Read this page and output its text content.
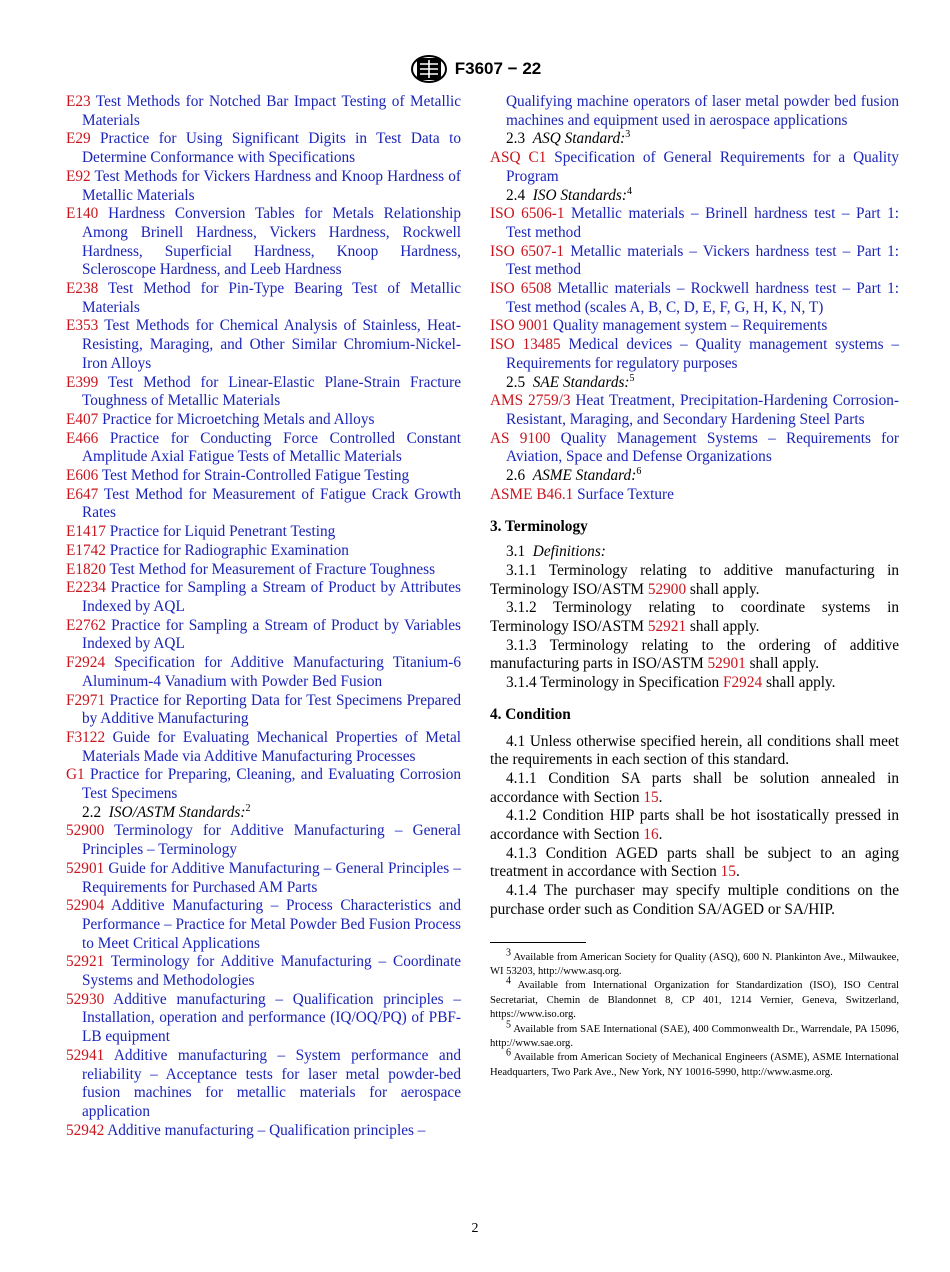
F3607 − 22
E23 Test Methods for Notched Bar Impact Testing of Metallic Materials
E29 Practice for Using Significant Digits in Test Data to Determine Conformance with Specifications
E92 Test Methods for Vickers Hardness and Knoop Hardness of Metallic Materials
E140 Hardness Conversion Tables for Metals Relationship Among Brinell Hardness, Vickers Hardness, Rockwell Hardness, Superficial Hardness, Knoop Hardness, Scleroscope Hardness, and Leeb Hardness
E238 Test Method for Pin-Type Bearing Test of Metallic Materials
E353 Test Methods for Chemical Analysis of Stainless, Heat-Resisting, Maraging, and Other Similar Chromium-Nickel-Iron Alloys
E399 Test Method for Linear-Elastic Plane-Strain Fracture Toughness of Metallic Materials
E407 Practice for Microetching Metals and Alloys
E466 Practice for Conducting Force Controlled Constant Amplitude Axial Fatigue Tests of Metallic Materials
E606 Test Method for Strain-Controlled Fatigue Testing
E647 Test Method for Measurement of Fatigue Crack Growth Rates
E1417 Practice for Liquid Penetrant Testing
E1742 Practice for Radiographic Examination
E1820 Test Method for Measurement of Fracture Toughness
E2234 Practice for Sampling a Stream of Product by Attributes Indexed by AQL
E2762 Practice for Sampling a Stream of Product by Variables Indexed by AQL
F2924 Specification for Additive Manufacturing Titanium-6 Aluminum-4 Vanadium with Powder Bed Fusion
F2971 Practice for Reporting Data for Test Specimens Prepared by Additive Manufacturing
F3122 Guide for Evaluating Mechanical Properties of Metal Materials Made via Additive Manufacturing Processes
G1 Practice for Preparing, Cleaning, and Evaluating Corrosion Test Specimens
2.2 ISO/ASTM Standards:$^2$
52900 Terminology for Additive Manufacturing – General Principles – Terminology
52901 Guide for Additive Manufacturing – General Principles – Requirements for Purchased AM Parts
52904 Additive Manufacturing – Process Characteristics and Performance – Practice for Metal Powder Bed Fusion Process to Meet Critical Applications
52921 Terminology for Additive Manufacturing – Coordinate Systems and Methodologies
52930 Additive manufacturing – Qualification principles – Installation, operation and performance (IQ/OQ/PQ) of PBF-LB equipment
52941 Additive manufacturing – System performance and reliability – Acceptance tests for laser metal powder-bed fusion machines for metallic materials for aerospace application
52942 Additive manufacturing – Qualification principles –
Qualifying machine operators of laser metal powder bed fusion machines and equipment used in aerospace applications
2.3 ASQ Standard:$^3$
ASQ C1 Specification of General Requirements for a Quality Program
2.4 ISO Standards:$^4$
ISO 6506-1 Metallic materials – Brinell hardness test – Part 1: Test method
ISO 6507-1 Metallic materials – Vickers hardness test – Part 1: Test method
ISO 6508 Metallic materials – Rockwell hardness test – Part 1: Test method (scales A, B, C, D, E, F, G, H, K, N, T)
ISO 9001 Quality management system – Requirements
ISO 13485 Medical devices – Quality management systems – Requirements for regulatory purposes
2.5 SAE Standards:$^5$
AMS 2759/3 Heat Treatment, Precipitation-Hardening Corrosion-Resistant, Maraging, and Secondary Hardening Steel Parts
AS 9100 Quality Management Systems – Requirements for Aviation, Space and Defense Organizations
2.6 ASME Standard:$^6$
ASME B46.1 Surface Texture
3. Terminology
3.1 Definitions:
3.1.1 Terminology relating to additive manufacturing in Terminology ISO/ASTM 52900 shall apply.
3.1.2 Terminology relating to coordinate systems in Terminology ISO/ASTM 52921 shall apply.
3.1.3 Terminology relating to the ordering of additive manufacturing parts in ISO/ASTM 52901 shall apply.
3.1.4 Terminology in Specification F2924 shall apply.
4. Condition
4.1 Unless otherwise specified herein, all conditions shall meet the requirements in each section of this standard.
4.1.1 Condition SA parts shall be solution annealed in accordance with Section 15.
4.1.2 Condition HIP parts shall be hot isostatically pressed in accordance with Section 16.
4.1.3 Condition AGED parts shall be subject to an aging treatment in accordance with Section 15.
4.1.4 The purchaser may specify multiple conditions on the purchase order such as Condition SA/AGED or SA/HIP.
$^3$ Available from American Society for Quality (ASQ), 600 N. Plankinton Ave., Milwaukee, WI 53203, http://www.asq.org.
$^4$ Available from International Organization for Standardization (ISO), ISO Central Secretariat, Chemin de Blandonnet 8, CP 401, 1214 Vernier, Geneva, Switzerland, https://www.iso.org.
$^5$ Available from SAE International (SAE), 400 Commonwealth Dr., Warrendale, PA 15096, http://www.sae.org.
$^6$ Available from American Society of Mechanical Engineers (ASME), ASME International Headquarters, Two Park Ave., New York, NY 10016-5990, http://www.asme.org.
2
